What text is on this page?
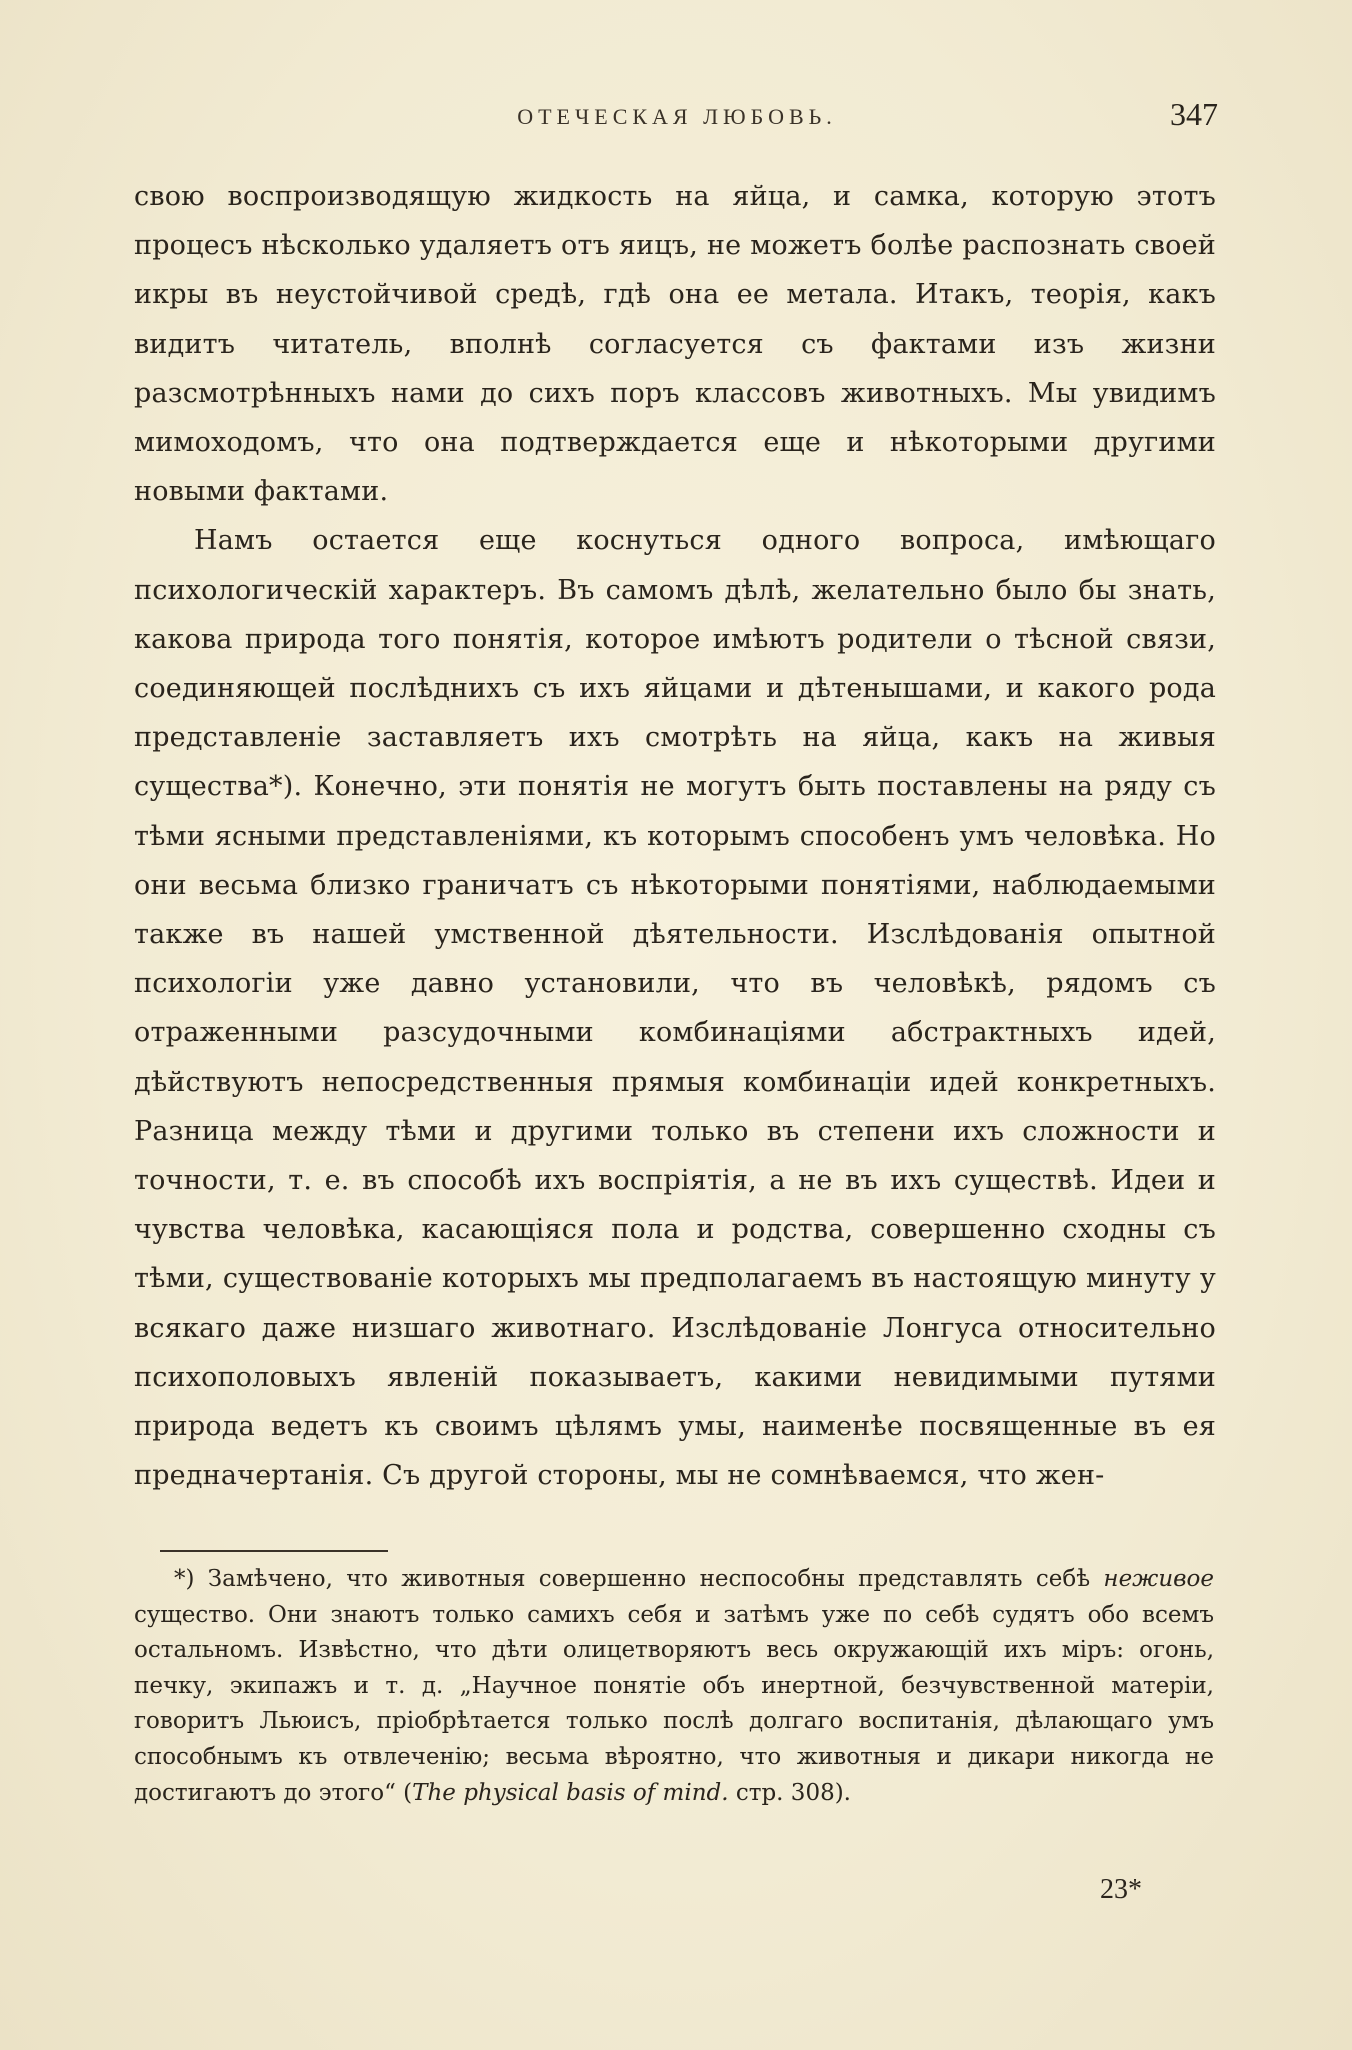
ОТЕЧЕСКАЯ ЛЮБОВЬ.	347

свою воспроизводящую жидкость на яйца, и самка, которую этотъ процесъ нѣсколько удаляетъ отъ яицъ, не можетъ болѣе распознать своей икры въ неустойчивой средѣ, гдѣ она ее метала. Итакъ, теорія, какъ видитъ читатель, вполнѣ согласуется съ фактами изъ жизни разсмотрѣнныхъ нами до сихъ поръ классовъ животныхъ. Мы увидимъ мимоходомъ, что она подтверждается еще и нѣкоторыми другими новыми фактами.

Намъ остается еще коснуться одного вопроса, имѣющаго психологическій характеръ. Въ самомъ дѣлѣ, желательно было бы знать, какова природа того понятія, которое имѣютъ родители о тѣсной связи, соединяющей послѣднихъ съ ихъ яйцами и дѣтенышами, и какого рода представленіе заставляетъ ихъ смотрѣть на яйца, какъ на живыя существа*). Конечно, эти понятія не могутъ быть поставлены на ряду съ тѣми ясными представленіями, къ которымъ способенъ умъ человѣка. Но они весьма близко граничатъ съ нѣкоторыми понятіями, наблюдаемыми также въ нашей умственной дѣятельности. Изслѣдованія опытной психологіи уже давно установили, что въ человѣкѣ, рядомъ съ отраженными разсудочными комбинаціями абстрактныхъ идей, дѣйствуютъ непосредственныя прямыя комбинаціи идей конкретныхъ. Разница между тѣми и другими только въ степени ихъ сложности и точности, т. е. въ способѣ ихъ воспріятія, а не въ ихъ существѣ. Идеи и чувства человѣка, касающіяся пола и родства, совершенно сходны съ тѣми, существованіе которыхъ мы предполагаемъ въ настоящую минуту у всякаго даже низшаго животнаго. Изслѣдованіе Лонгуса относительно психополовыхъ явленій показываетъ, какими невидимыми путями природа ведетъ къ своимъ цѣлямъ умы, наименѣе посвященные въ ея предначертанія. Съ другой стороны, мы не сомнѣваемся, что жен-

*) Замѣчено, что животныя совершенно неспособны представлять себѣ неживое существо. Они знаютъ только самихъ себя и затѣмъ уже по себѣ судятъ обо всемъ остальномъ. Извѣстно, что дѣти олицетворяютъ весь окружающій ихъ міръ: огонь, печку, экипажъ и т. д. „Научное понятіе объ инертной, безчувственной матеріи, говоритъ Льюисъ, пріобрѣтается только послѣ долгаго воспитанія, дѣлающаго умъ способнымъ къ отвлеченію; весьма вѣроятно, что животныя и дикари никогда не достигаютъ до этого“ (The physical basis of mind. стр. 308).

23*
